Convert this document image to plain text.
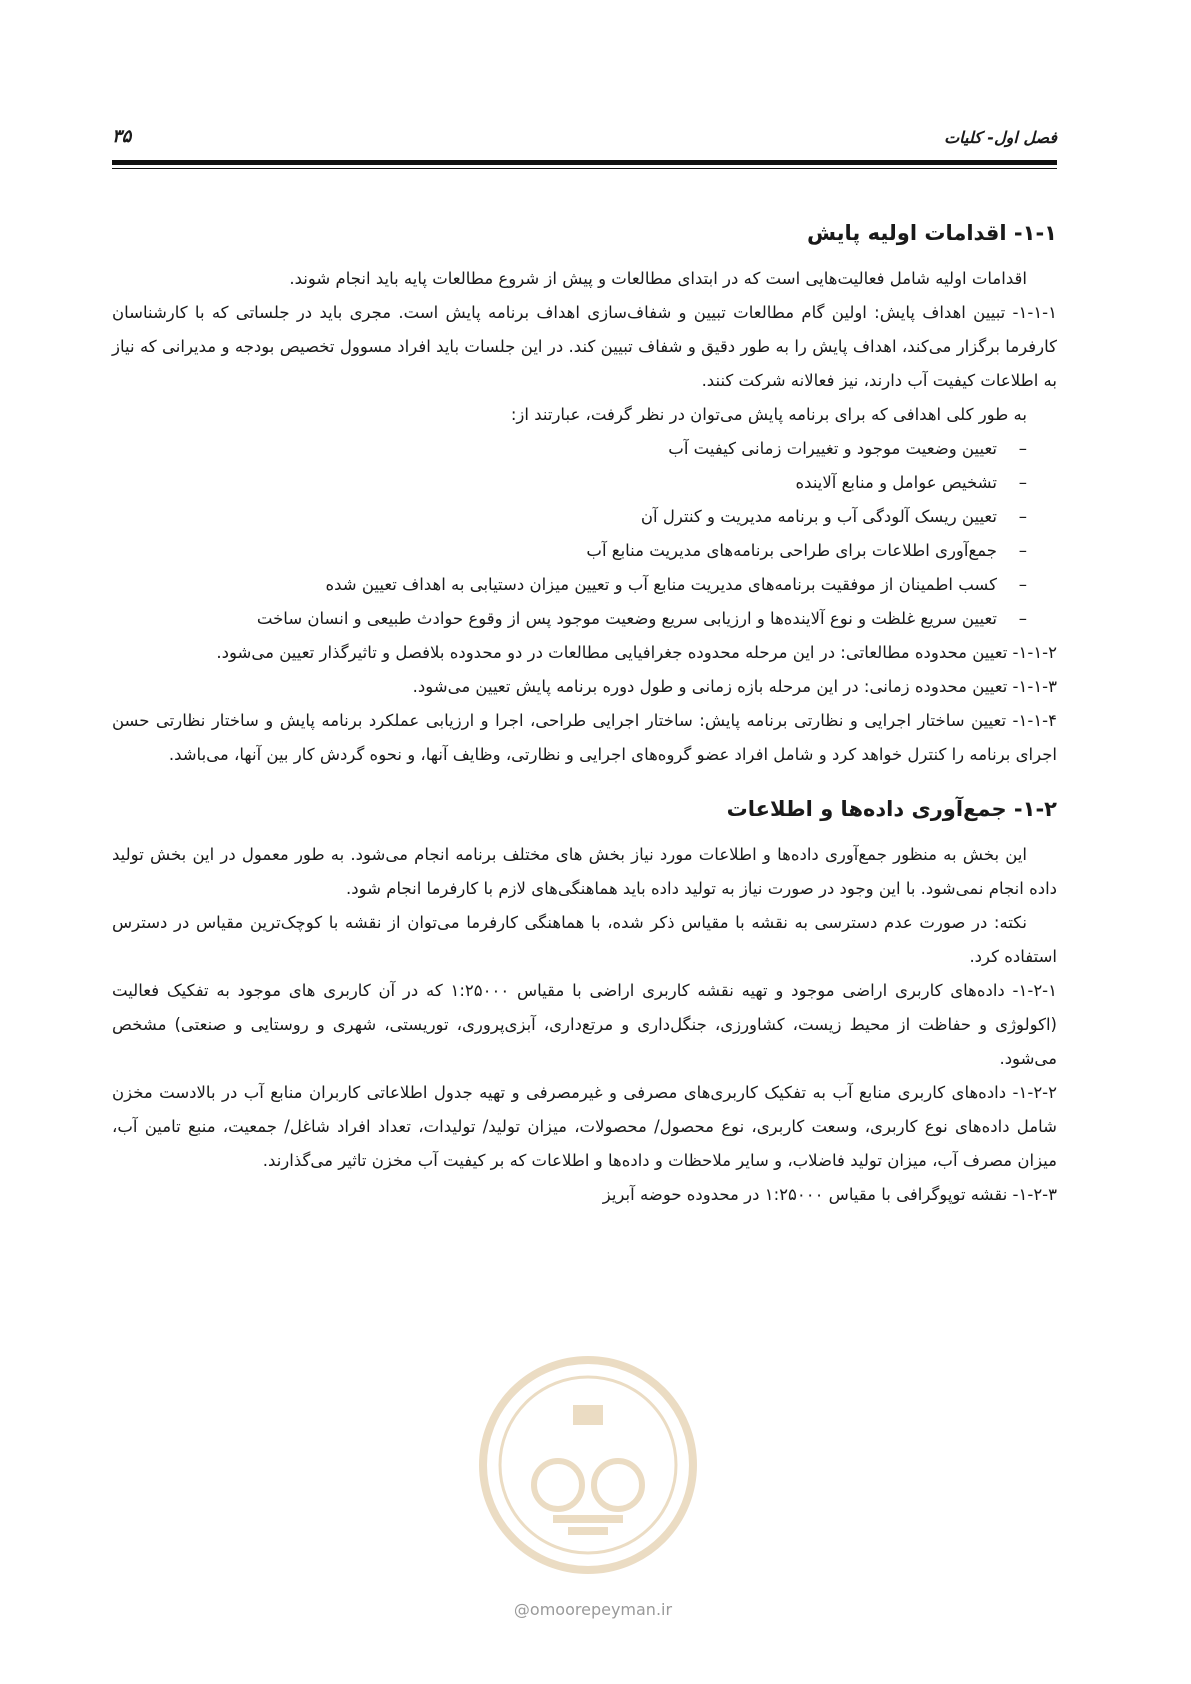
فصل اول- کلیات
۳۵
۱-۱- اقدامات اولیه پایش

اقدامات اولیه شامل فعالیت‌هایی است که در ابتدای مطالعات و پیش از شروع مطالعات پایه باید انجام شوند.

۱-۱-۱- تبیین اهداف پایش: اولین گام مطالعات تبیین و شفاف‌سازی اهداف برنامه پایش است. مجری باید در جلساتی که با کارشناسان کارفرما برگزار می‌کند، اهداف پایش را به طور دقیق و شفاف تبیین کند. در این جلسات باید افراد مسوول تخصیص بودجه و مدیرانی که نیاز به اطلاعات کیفیت آب دارند، نیز فعالانه شرکت کنند.

به طور کلی اهدافی که برای برنامه پایش می‌توان در نظر گرفت، عبارتند از:

– تعیین وضعیت موجود و تغییرات زمانی کیفیت آب
– تشخیص عوامل و منابع آلاینده
– تعیین ریسک آلودگی آب و برنامه مدیریت و کنترل آن
– جمع‌آوری اطلاعات برای طراحی برنامه‌های مدیریت منابع آب
– کسب اطمینان از موفقیت برنامه‌های مدیریت منابع آب و تعیین میزان دستیابی به اهداف تعیین شده
– تعیین سریع غلظت و نوع آلاینده‌ها و ارزیابی سریع وضعیت موجود پس از وقوع حوادث طبیعی و انسان ساخت

۱-۱-۲- تعیین محدوده مطالعاتی: در این مرحله محدوده جغرافیایی مطالعات در دو محدوده بلافصل و تاثیرگذار تعیین می‌شود.

۱-۱-۳- تعیین محدوده زمانی: در این مرحله بازه زمانی و طول دوره برنامه پایش تعیین می‌شود.

۱-۱-۴- تعیین ساختار اجرایی و نظارتی برنامه پایش: ساختار اجرایی طراحی، اجرا و ارزیابی عملکرد برنامه پایش و ساختار نظارتی حسن اجرای برنامه را کنترل خواهد کرد و شامل افراد عضو گروه‌های اجرایی و نظارتی، وظایف آنها، و نحوه گردش کار بین آنها، می‌باشد.

۱-۲- جمع‌آوری داده‌ها و اطلاعات

این بخش به منظور جمع‌آوری داده‌ها و اطلاعات مورد نیاز بخش های مختلف برنامه انجام می‌شود. به طور معمول در این بخش تولید داده انجام نمی‌شود. با این وجود در صورت نیاز به تولید داده باید هماهنگی‌های لازم با کارفرما انجام شود.

نکته: در صورت عدم دسترسی به نقشه با مقیاس ذکر شده، با هماهنگی کارفرما می‌توان از نقشه با کوچک‌ترین مقیاس در دسترس استفاده کرد.

۱-۲-۱- داده‌های کاربری اراضی موجود و تهیه نقشه کاربری اراضی با مقیاس ۱:۲۵۰۰۰ که در آن کاربری های موجود به تفکیک فعالیت (اکولوژی و حفاظت از محیط زیست، کشاورزی، جنگل‌داری و مرتع‌داری، آبزی‌پروری، توریستی، شهری و روستایی و صنعتی) مشخص می‌شود.

۱-۲-۲- داده‌های کاربری منابع آب به تفکیک کاربری‌های مصرفی و غیرمصرفی و تهیه جدول اطلاعاتی کاربران منابع آب در بالادست مخزن شامل داده‌های نوع کاربری، وسعت کاربری، نوع محصول/ محصولات، میزان تولید/ تولیدات، تعداد افراد شاغل/ جمعیت، منبع تامین آب، میزان مصرف آب، میزان تولید فاضلاب، و سایر ملاحظات و داده‌ها و اطلاعات که بر کیفیت آب مخزن تاثیر می‌گذارند.

۱-۲-۳- نقشه توپوگرافی با مقیاس ۱:۲۵۰۰۰ در محدوده حوضه آبریز

@omoorepeyman.ir
